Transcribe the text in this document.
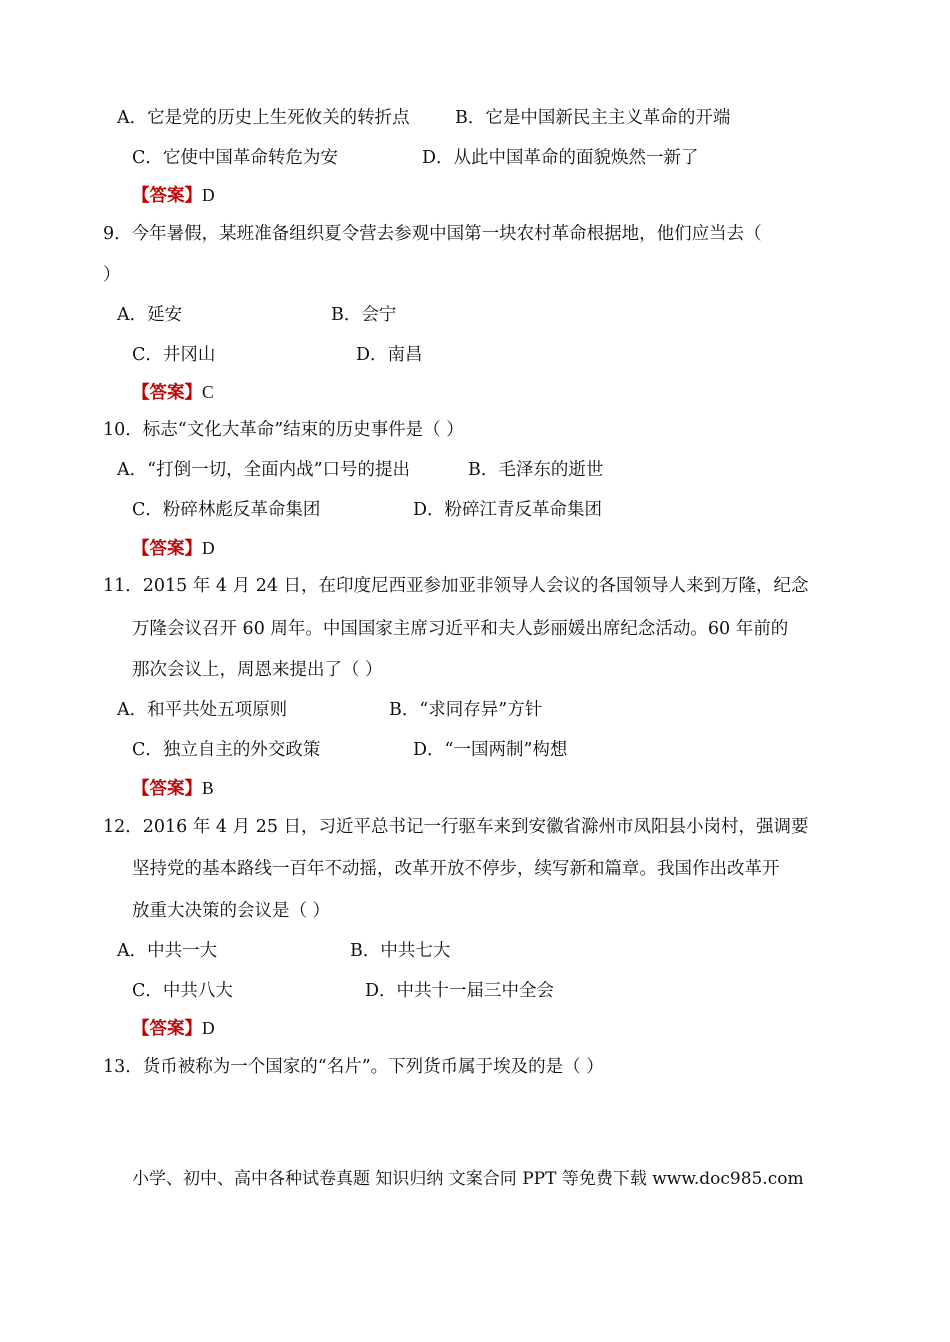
A．它是党的历史上生死攸关的转折点	B．它是中国新民主主义革命的开端
C．它使中国革命转危为安	D．从此中国革命的面貌焕然一新了
【答案】D
9．今年暑假，某班准备组织夏令营去参观中国第一块农村革命根据地，他们应当去（
）
A．延安	B．会宁
C．井冈山	D．南昌
【答案】C
10．标志“文化大革命”结束的历史事件是（ ）
A．“打倒一切，全面内战”口号的提出	B．毛泽东的逝世
C．粉碎林彪反革命集团	D．粉碎江青反革命集团
【答案】D
11．2015 年 4 月 24 日，在印度尼西亚参加亚非领导人会议的各国领导人来到万隆，纪念
万隆会议召开 60 周年。中国国家主席习近平和夫人彭丽媛出席纪念活动。60 年前的
那次会议上，周恩来提出了（ ）
A．和平共处五项原则	B．“求同存异”方针
C．独立自主的外交政策	D．“一国两制”构想
【答案】B
12．2016 年 4 月 25 日，习近平总书记一行驱车来到安徽省滁州市凤阳县小岗村，强调要
坚持党的基本路线一百年不动摇，改革开放不停步，续写新和篇章。我国作出改革开
放重大决策的会议是（ ）
A．中共一大	B．中共七大
C．中共八大	D．中共十一届三中全会
【答案】D
13．货币被称为一个国家的“名片”。下列货币属于埃及的是（ ）
小学、初中、高中各种试卷真题 知识归纳 文案合同 PPT 等免费下载 www.doc985.com
